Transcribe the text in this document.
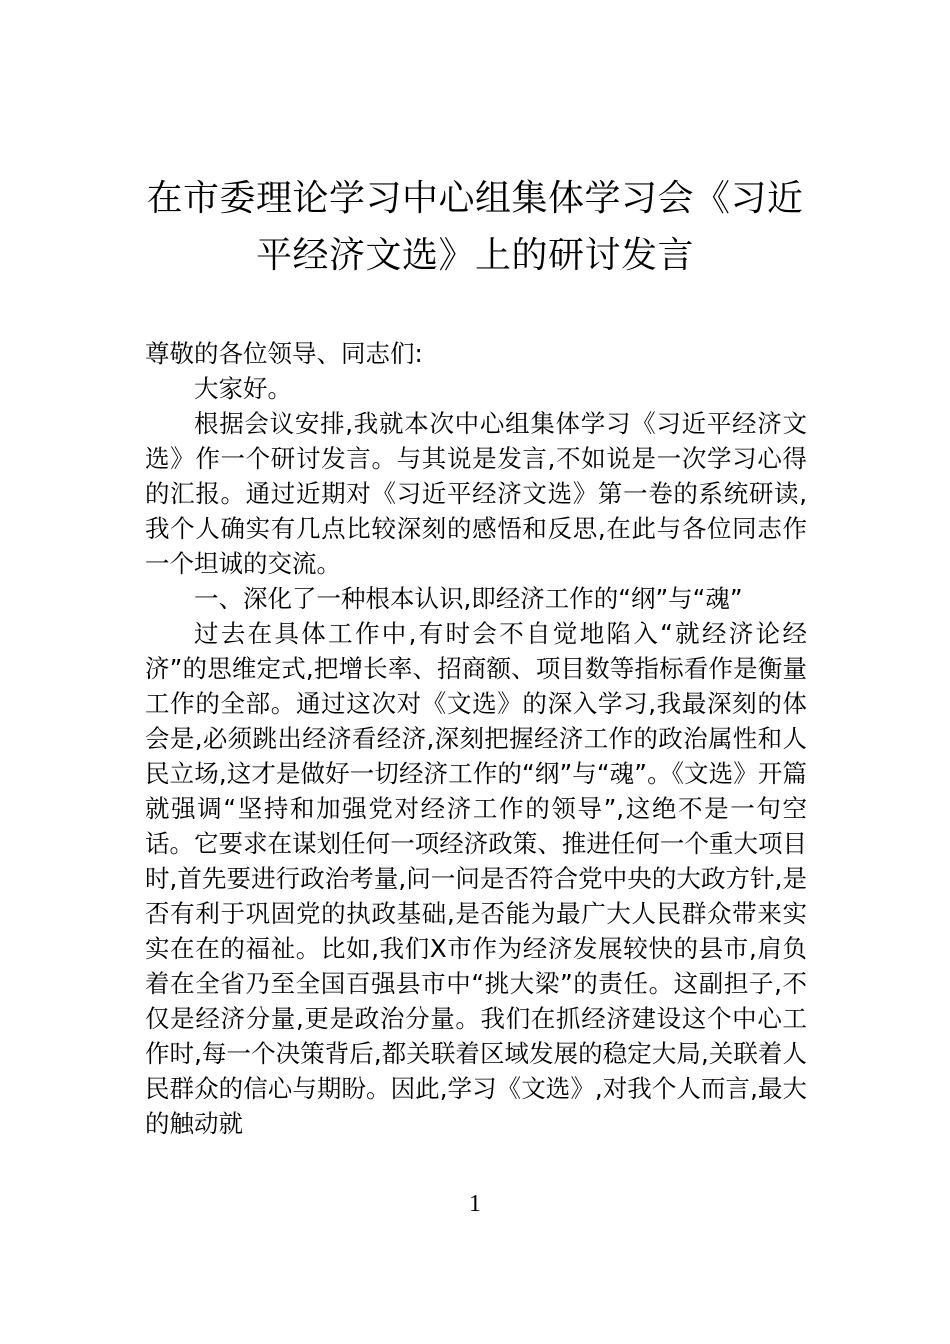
在市委理论学习中心组集体学习会《习近平经济文选》上的研讨发言

尊敬的各位领导、同志们:

大家好。

根据会议安排,我就本次中心组集体学习《习近平经济文选》作一个研讨发言。与其说是发言,不如说是一次学习心得的汇报。通过近期对《习近平经济文选》第一卷的系统研读,我个人确实有几点比较深刻的感悟和反思,在此与各位同志作一个坦诚的交流。

一、深化了一种根本认识,即经济工作的“纲”与“魂”

过去在具体工作中,有时会不自觉地陷入“就经济论经济”的思维定式,把增长率、招商额、项目数等指标看作是衡量工作的全部。通过这次对《文选》的深入学习,我最深刻的体会是,必须跳出经济看经济,深刻把握经济工作的政治属性和人民立场,这才是做好一切经济工作的“纲”与“魂”。《文选》开篇就强调“坚持和加强党对经济工作的领导”,这绝不是一句空话。它要求在谋划任何一项经济政策、推进任何一个重大项目时,首先要进行政治考量,问一问是否符合党中央的大政方针,是否有利于巩固党的执政基础,是否能为最广大人民群众带来实实在在的福祉。比如,我们X市作为经济发展较快的县市,肩负着在全省乃至全国百强县市中“挑大梁”的责任。这副担子,不仅是经济分量,更是政治分量。我们在抓经济建设这个中心工作时,每一个决策背后,都关联着区域发展的稳定大局,关联着人民群众的信心与期盼。因此,学习《文选》,对我个人而言,最大的触动就

1
